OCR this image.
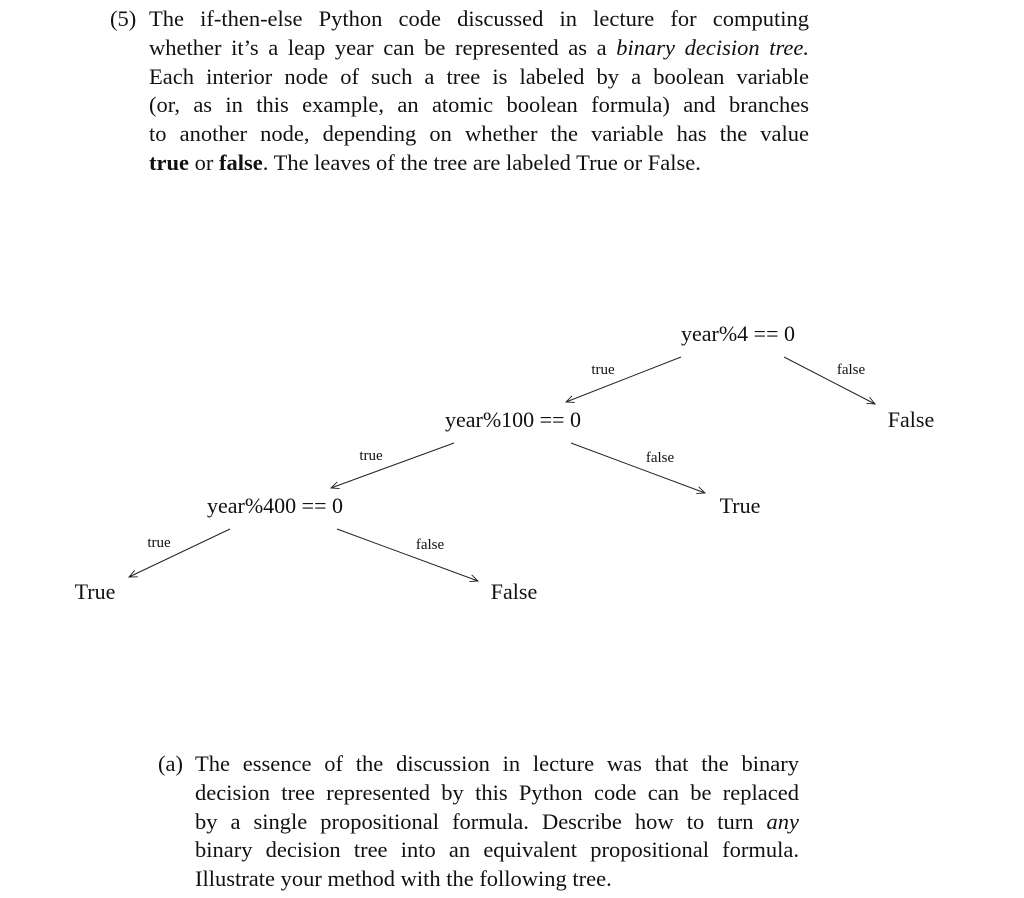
(5) The if-then-else Python code discussed in lecture for computing
whether it’s a leap year can be represented as a binary decision tree.
Each interior node of such a tree is labeled by a boolean variable
(or, as in this example, an atomic boolean formula) and branches
to another node, depending on whether the variable has the value
true or false. The leaves of the tree are labeled True or False.
true	false
true	false
true	false
year%4 == 0
year%100 == 0
year%400 == 0
False
True
True	False
(a) The essence of the discussion in lecture was that the binary
decision tree represented by this Python code can be replaced
by a single propositional formula. Describe how to turn any
binary decision tree into an equivalent propositional formula.
Illustrate your method with the following tree.
